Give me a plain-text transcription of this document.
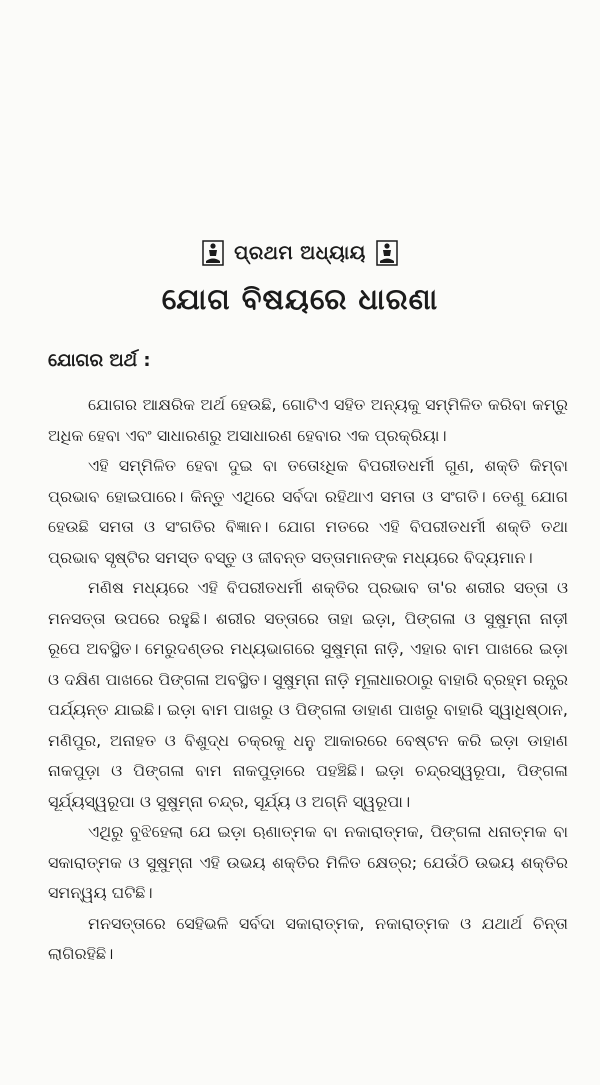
ପ୍ରଥମ ଅଧ୍ୟାୟ
ଯୋଗ ବିଷୟରେ ଧାରଣା
ଯୋଗର ଅର୍ଥ :

ଯୋଗର ଆକ୍ଷରିକ ଅର୍ଥ ହେଉଛି, ଗୋଟିଏ ସହିତ ଅନ୍ୟକୁ ସମ୍ମିଳିତ କରିବା କମ୍‌ରୁ ଅଧିକ ହେବା ଏବଂ ସାଧାରଣରୁ ଅସାଧାରଣ ହେବାର ଏକ ପ୍ରକ୍ରିୟା।

ଏହି ସମ୍ମିଳିତ ହେବା ଦୁଇ ବା ତତୋଽଧିକ ବିପରୀତଧର୍ମୀ ଗୁଣ, ଶକ୍ତି କିମ୍ବା ପ୍ରଭାବ ହୋଇପାରେ। କିନ୍ତୁ ଏଥିରେ ସର୍ବଦା ରହିଥାଏ ସମତା ଓ ସଂଗତି। ତେଣୁ ଯୋଗ ହେଉଛି ସମତା ଓ ସଂଗତିର ବିଜ୍ଞାନ। ଯୋଗ ମତରେ ଏହି ବିପରୀତଧର୍ମୀ ଶକ୍ତି ତଥା ପ୍ରଭାବ ସୃଷ୍ଟିର ସମସ୍ତ ବସ୍ତୁ ଓ ଜୀବନ୍ତ ସତ୍ତାମାନଙ୍କ ମଧ୍ୟରେ ବିଦ୍ୟମାନ।

ମଣିଷ ମଧ୍ୟରେ ଏହି ବିପରୀତଧର୍ମୀ ଶକ୍ତିର ପ୍ରଭାବ ତା'ର ଶରୀର ସତ୍ତା ଓ ମନସତ୍ତା ଉପରେ ରହୁଛି। ଶରୀର ସତ୍ତାରେ ତାହା ଇଡ଼ା, ପିଙ୍ଗଳା ଓ ସୁଷୁମ୍ନା ନାଡ଼ୀ ରୂପେ ଅବସ୍ଥିତ। ମେରୁଦଣ୍ଡର ମଧ୍ୟଭାଗରେ ସୁଷୁମ୍ନା ନାଡ଼ି, ଏହାର ବାମ ପାଖରେ ଇଡ଼ା ଓ ଦକ୍ଷିଣ ପାଖରେ ପିଙ୍ଗଳା ଅବସ୍ଥିତ। ସୁଷୁମ୍ନା ନାଡ଼ି ମୂଳାଧାରଠାରୁ ବାହାରି ବ୍ରହ୍ମ ରନ୍ଧ୍ର ପର୍ଯ୍ୟନ୍ତ ଯାଇଛି। ଇଡ଼ା ବାମ ପାଖରୁ ଓ ପିଙ୍ଗଳା ଡାହାଣ ପାଖରୁ ବାହାରି ସ୍ୱାଧିଷ୍ଠାନ, ମଣିପୁର, ଅନାହତ ଓ ବିଶୁଦ୍ଧ ଚକ୍ରକୁ ଧନୁ ଆକାରରେ ବେଷ୍ଟନ କରି ଇଡ଼ା ଡାହାଣ ନାକପୁଡ଼ା ଓ ପିଙ୍ଗଳା ବାମ ନାକପୁଡ଼ାରେ ପହଞ୍ଚିଛି। ଇଡ଼ା ଚନ୍ଦ୍ରସ୍ୱରୂପା, ପିଙ୍ଗଳା ସୂର୍ଯ୍ୟସ୍ୱରୂପା ଓ ସୁଷୁମ୍ନା ଚନ୍ଦ୍ର, ସୂର୍ଯ୍ୟ ଓ ଅଗ୍ନି ସ୍ୱରୂପା।

ଏଥିରୁ ବୁଝିହେଲା ଯେ ଇଡ଼ା ଋଣାତ୍ମକ ବା ନକାରାତ୍ମକ, ପିଙ୍ଗଳା ଧନାତ୍ମକ ବା ସକାରାତ୍ମକ ଓ ସୁଷୁମ୍ନା ଏହି ଉଭୟ ଶକ୍ତିର ମିଳିତ କ୍ଷେତ୍ର; ଯେଉଁଠି ଉଭୟ ଶକ୍ତିର ସମନ୍ୱୟ ଘଟିଛି।

ମନସତ୍ତାରେ ସେହିଭଳି ସର୍ବଦା ସକାରାତ୍ମକ, ନକାରାତ୍ମକ ଓ ଯଥାର୍ଥ ଚିନ୍ତା ଲାଗିରହିଛି।
